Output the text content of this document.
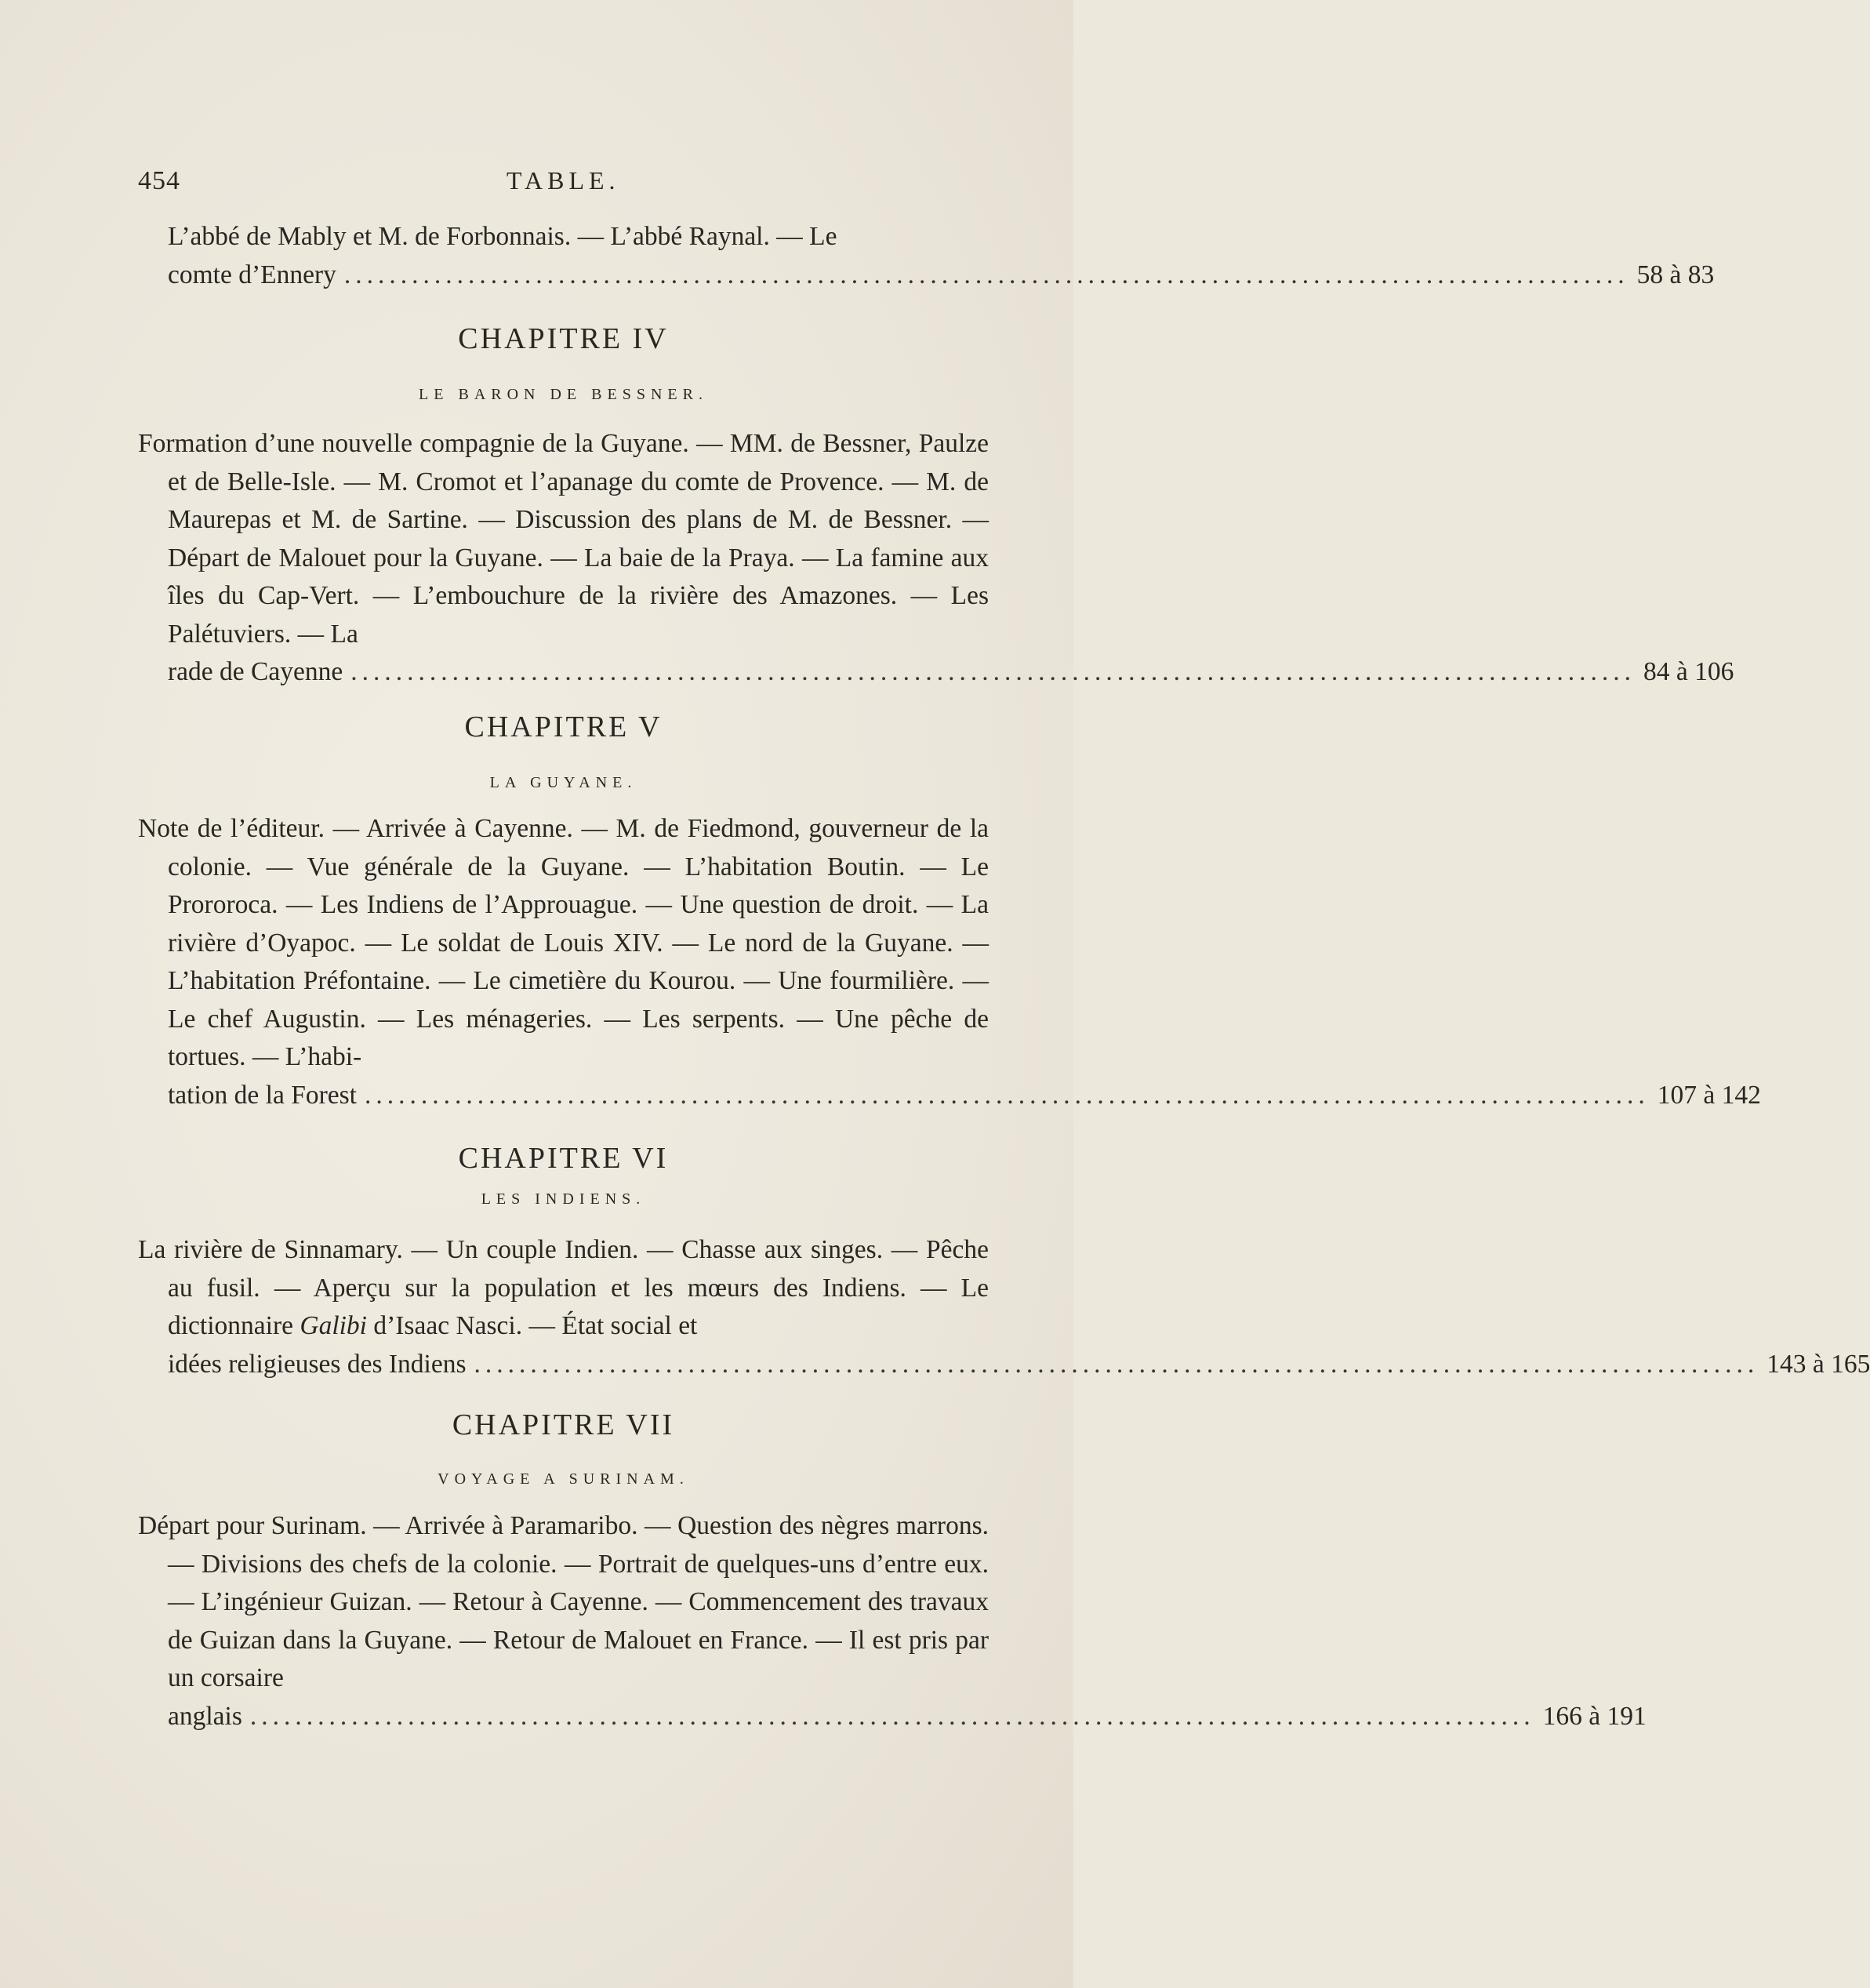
454	TABLE.
L’abbé de Mably et M. de Forbonnais. — L’abbé Raynal. — Le
comte d’Ennery .................................................................................................................. 58 à 83
CHAPITRE IV
LE BARON DE BESSNER.
Formation d’une nouvelle compagnie de la Guyane. — MM. de Bessner, Paulze et de Belle-Isle. — M. Cromot et l’apanage du comte de Provence. — M. de Maurepas et M. de Sartine. — Discussion des plans de M. de Bessner. — Départ de Malouet pour la Guyane. — La baie de la Praya. — La famine aux îles du Cap-Vert. — L’embouchure de la rivière des Amazones. — Les Palétuviers. — La
rade de Cayenne .................................................................................................................. 84 à 106
CHAPITRE V
LA GUYANE.
Note de l’éditeur. — Arrivée à Cayenne. — M. de Fiedmond, gouverneur de la colonie. — Vue générale de la Guyane. — L’habitation Boutin. — Le Prororoca. — Les Indiens de l’Approuague. — Une question de droit. — La rivière d’Oyapoc. — Le soldat de Louis XIV. — Le nord de la Guyane. — L’habitation Préfontaine. — Le cimetière du Kourou. — Une fourmilière. — Le chef Augustin. — Les ménageries. — Les serpents. — Une pêche de tortues. — L’habi-
tation de la Forest .................................................................................................................. 107 à 142
CHAPITRE VI
LES INDIENS.
La rivière de Sinnamary. — Un couple Indien. — Chasse aux singes. — Pêche au fusil. — Aperçu sur la population et les mœurs des Indiens. — Le dictionnaire Galibi d’Isaac Nasci. — État social et
idées religieuses des Indiens .................................................................................................................. 143 à 165
CHAPITRE VII
VOYAGE A SURINAM.
Départ pour Surinam. — Arrivée à Paramaribo. — Question des nègres marrons. — Divisions des chefs de la colonie. — Portrait de quelques-uns d’entre eux. — L’ingénieur Guizan. — Retour à Cayenne. — Commencement des travaux de Guizan dans la Guyane. — Retour de Malouet en France. — Il est pris par un corsaire
anglais .................................................................................................................. 166 à 191
